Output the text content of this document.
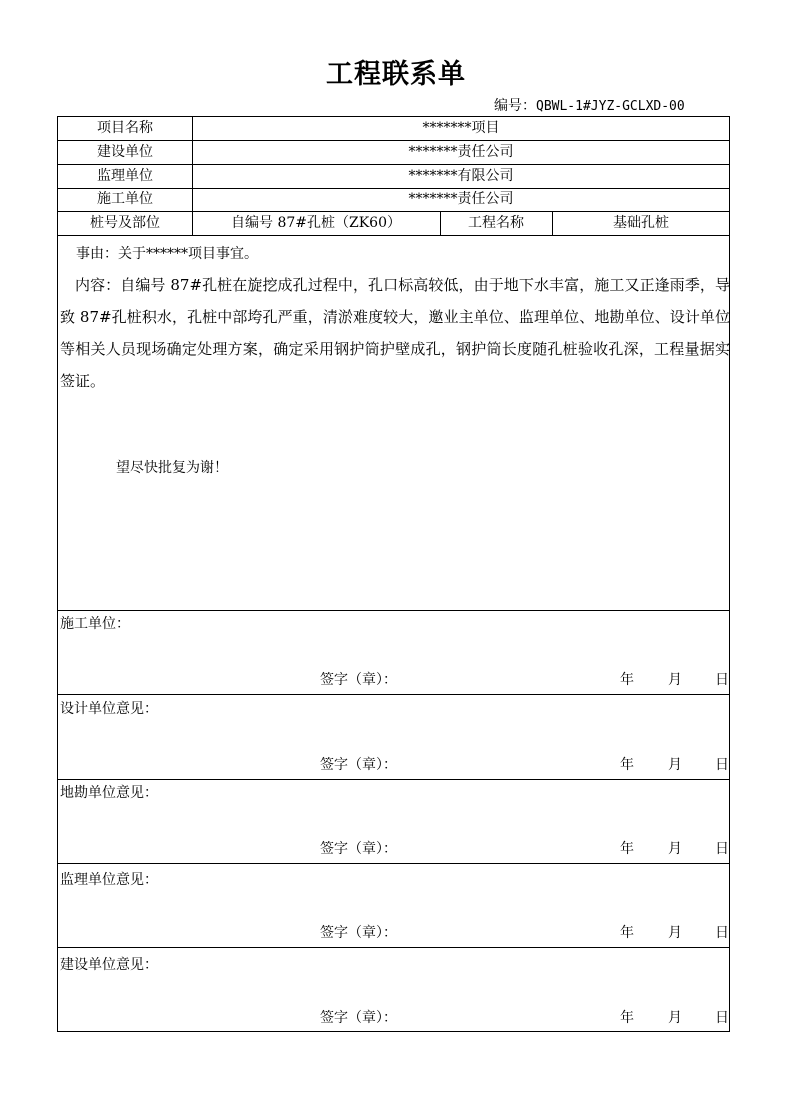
工程联系单
编号：QBWL-1#JYZ-GCLXD-00
项目名称	*******项目
建设单位	*******责任公司
监理单位	*******有限公司
施工单位	*******责任公司
桩号及部位	自编号 87#孔桩（ZK60）	工程名称	基础孔桩
事由：关于******项目事宜。

内容：自编号 87#孔桩在旋挖成孔过程中，孔口标高较低，由于地下水丰富，施工又正逢雨季，导致 87#孔桩积水，孔桩中部垮孔严重，清淤难度较大，邀业主单位、监理单位、地勘单位、设计单位等相关人员现场确定处理方案，确定采用钢护筒护壁成孔，钢护筒长度随孔桩验收孔深，工程量据实签证。

望尽快批复为谢！
施工单位：
签字（章）：	年 月 日
设计单位意见：
签字（章）：	年 月 日
地勘单位意见：
签字（章）：	年 月 日
监理单位意见：
签字（章）：	年 月 日
建设单位意见：
签字（章）：	年 月 日
